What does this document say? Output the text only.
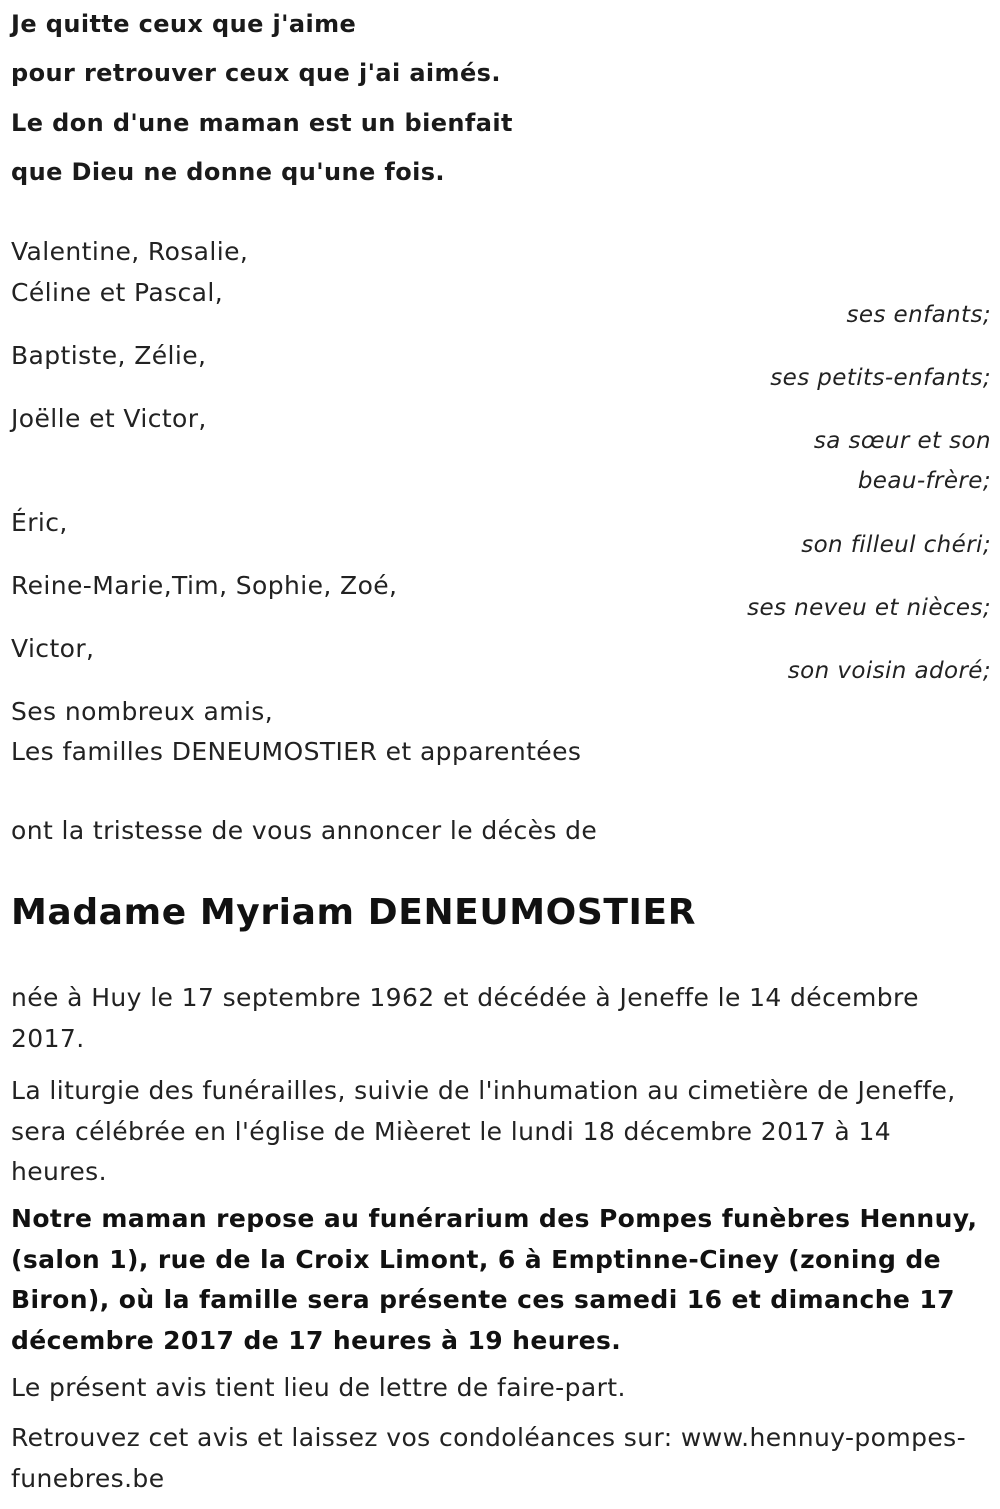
Je quitte ceux que j'aime
pour retrouver ceux que j'ai aimés.
Le don d'une maman est un bienfait
que Dieu ne donne qu'une fois.
Valentine, Rosalie,
Céline et Pascal,
ses enfants;
Baptiste, Zélie,
ses petits-enfants;
Joëlle et Victor,
sa sœur et son
beau-frère;
Éric,
son filleul chéri;
Reine-Marie,Tim, Sophie, Zoé,
ses neveu et nièces;
Victor,
son voisin adoré;
Ses nombreux amis,
Les familles DENEUMOSTIER et apparentées
ont la tristesse de vous annoncer le décès de
Madame Myriam DENEUMOSTIER
née à Huy le 17 septembre 1962 et décédée à Jeneffe le 14 décembre 2017.
La liturgie des funérailles, suivie de l'inhumation au cimetière de Jeneffe, sera célébrée en l'église de Mièeret le lundi 18 décembre 2017 à 14 heures.
Notre maman repose au funérarium des Pompes funèbres Hennuy, (salon 1), rue de la Croix Limont, 6 à Emptinne-Ciney (zoning de Biron), où la famille sera présente ces samedi 16 et dimanche 17 décembre 2017 de 17 heures à 19 heures.
Le présent avis tient lieu de lettre de faire-part.
Retrouvez cet avis et laissez vos condoléances sur: www.hennuy-pompes-funebres.be
